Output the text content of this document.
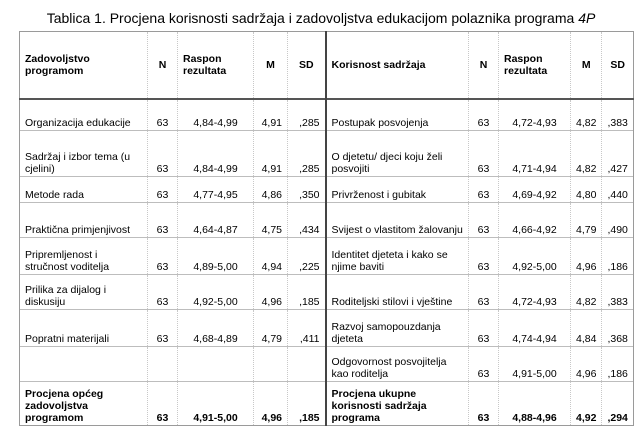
Tablica 1. Procjena korisnosti sadržaja i zadovoljstva edukacijom polaznika programa 4P
Zadovoljstvo programom	N	Raspon rezultata	M	SD	Korisnost sadržaja	N	Raspon rezultata	M	SD
Organizacija edukacije	63	4,84-4,99	4,91	,285	Postupak posvojenja	63	4,72-4,93	4,82	,383
Sadržaj i izbor tema (u cjelini)	63	4,84-4,99	4,91	,285	O djetetu/ djeci koju želi posvojiti	63	4,71-4,94	4,82	,427
Metode rada	63	4,77-4,95	4,86	,350	Privrženost i gubitak	63	4,69-4,92	4,80	,440
Praktična primjenjivost	63	4,64-4,87	4,75	,434	Svijest o vlastitom žalovanju	63	4,66-4,92	4,79	,490
Pripremljenost i stručnost voditelja	63	4,89-5,00	4,94	,225	Identitet djeteta i kako se njime baviti	63	4,92-5,00	4,96	,186
Prilika za dijalog i diskusiju	63	4,92-5,00	4,96	,185	Roditeljski stilovi i vještine	63	4,72-4,93	4,82	,383
Popratni materijali	63	4,68-4,89	4,79	,411	Razvoj samopouzdanja djeteta	63	4,74-4,94	4,84	,368
					Odgovornost posvojitelja kao roditelja	63	4,91-5,00	4,96	,186
Procjena općeg zadovoljstva programom	63	4,91-5,00	4,96	,185	Procjena ukupne korisnosti sadržaja programa	63	4,88-4,96	4,92	,294
